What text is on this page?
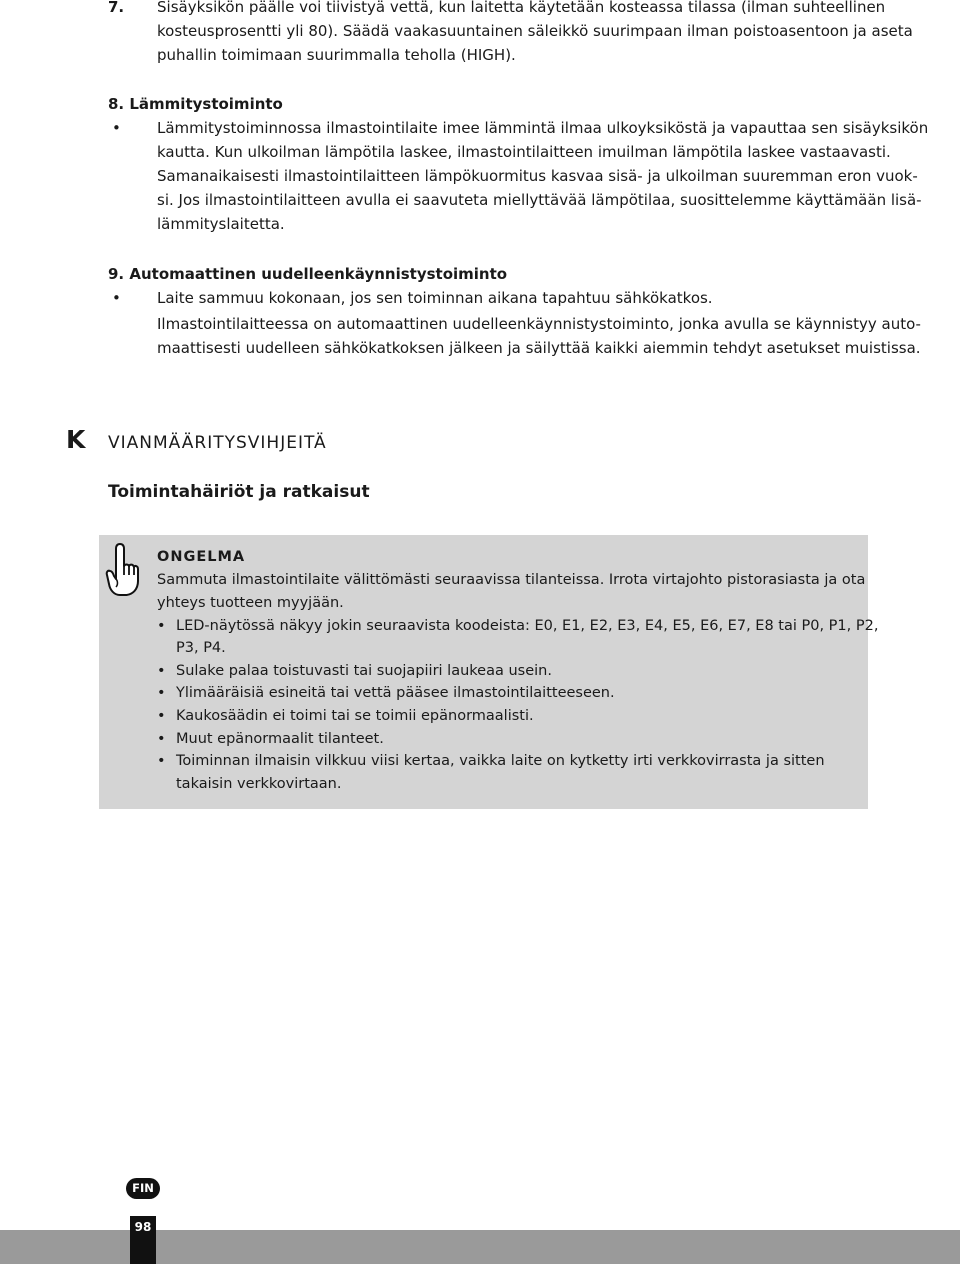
7. Sisäyksikön päälle voi tiivistyä vettä, kun laitetta käytetään kosteassa tilassa (ilman suhteellinen
kosteusprosentti yli 80). Säädä vaakasuuntainen säleikkö suurimpaan ilman poistoasentoon ja aseta
puhallin toimimaan suurimmalla teholla (HIGH).
8. Lämmitystoiminto
• Lämmitystoiminnossa ilmastointilaite imee lämmintä ilmaa ulkoyksiköstä ja vapauttaa sen sisäyksikön
kautta. Kun ulkoilman lämpötila laskee, ilmastointilaitteen imuilman lämpötila laskee vastaavasti.
Samanaikaisesti ilmastointilaitteen lämpökuormitus kasvaa sisä- ja ulkoilman suuremman eron vuok-
si. Jos ilmastointilaitteen avulla ei saavuteta miellyttävää lämpötilaa, suosittelemme käyttämään lisä-
lämmityslaitetta.
9. Automaattinen uudelleenkäynnistystoiminto
• Laite sammuu kokonaan, jos sen toiminnan aikana tapahtuu sähkökatkos.
Ilmastointilaitteessa on automaattinen uudelleenkäynnistystoiminto, jonka avulla se käynnistyy auto-
maattisesti uudelleen sähkökatkoksen jälkeen ja säilyttää kaikki aiemmin tehdyt asetukset muistissa.
K VIANMÄÄRITYSVIHJEITÄ
Toimintahäiriöt ja ratkaisut
ONGELMA
Sammuta ilmastointilaite välittömästi seuraavissa tilanteissa. Irrota virtajohto pistorasiasta ja ota
yhteys tuotteen myyjään.
• LED-näytössä näkyy jokin seuraavista koodeista: E0, E1, E2, E3, E4, E5, E6, E7, E8 tai P0, P1, P2,
P3, P4.
• Sulake palaa toistuvasti tai suojapiiri laukeaa usein.
• Ylimääräisiä esineitä tai vettä pääsee ilmastointilaitteeseen.
• Kaukosäädin ei toimi tai se toimii epänormaalisti.
• Muut epänormaalit tilanteet.
• Toiminnan ilmaisin vilkkuu viisi kertaa, vaikka laite on kytketty irti verkkovirrasta ja sitten
takaisin verkkovirtaan.
FIN
98
